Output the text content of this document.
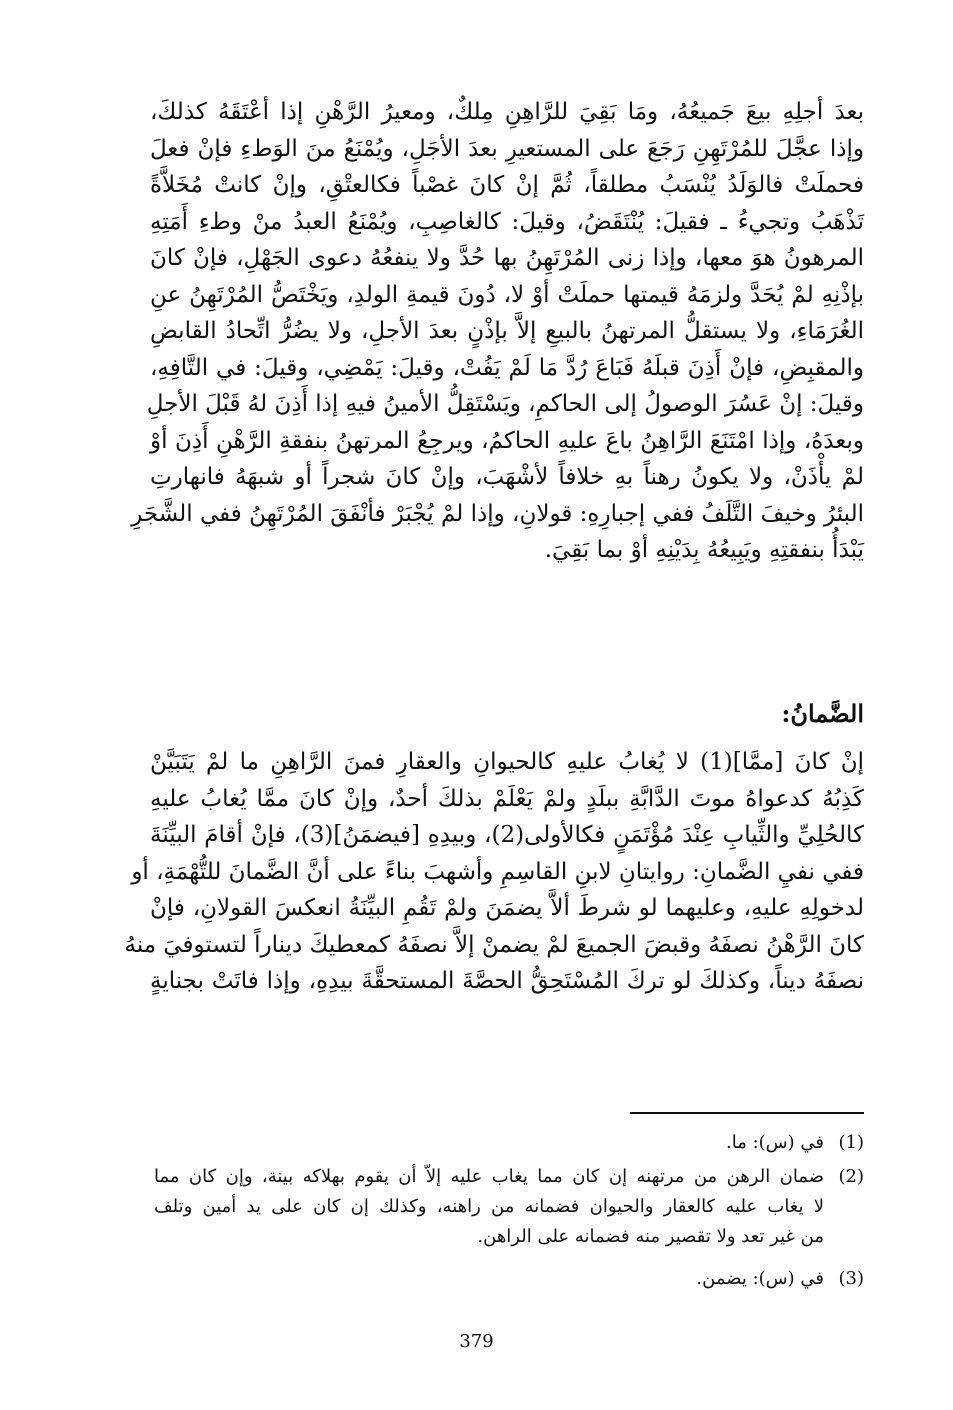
بعدَ أجلِهِ بيعَ جَميعُهُ، ومَا بَقِيَ للرَّاهِنِ مِلكٌ، ومعيرُ الرَّهْنِ إذا أعْتَقَهُ كذلكَ،
وإذا عجَّلَ للمُرْتَهِنِ رَجَعَ على المستعيرِ بعدَ الأجَلِ، ويُمْنَعُ منَ الوَطءِ فإنْ فعلَ
فحملَتْ فالوَلَدُ يُنْسَبُ مطلقاً، ثُمَّ إنْ كانَ غصْباً فكالعتْقِ، وإنْ كانتْ مُخَلاَّةً
تَذْهَبُ وتجيءُ ـ فقيلَ: يُنْتَقَضُ، وقيلَ: كالغاصِبِ، ويُمْنَعُ العبدُ منْ وطءِ أَمَتِهِ
المرهونُ هوَ معها، وإذا زنى المُرْتَهِنُ بها حُدَّ ولا ينفعُهُ دعوى الجَهْلِ، فإنْ كانَ
بإذْنِهِ لمْ يُحَدَّ ولزمَهُ قيمتها حملَتْ أوْ لا، دُونَ قيمةِ الولدِ، ويَخْتَصُّ المُرْتَهِنُ عنِ
الغُرَمَاءِ، ولا يستقلُّ المرتهنُ بالبيعِ إلاَّ بإذْنٍ بعدَ الأجلِ، ولا يضُرُّ اتِّحادُ القابضِ
والمقبِضِ، فإنْ أَذِنَ قبلَهُ فَبَاعَ رُدَّ مَا لَمْ يَفُتْ، وقيلَ: يَمْضِي، وقيلَ: في التَّافِهِ،
وقيلَ: إنْ عَسُرَ الوصولُ إلى الحاكمِ، ويَسْتَقِلُّ الأمينُ فيهِ إذا أَذِنَ لهُ قَبْلَ الأجلِ
وبعدَهُ، وإذا امْتَنَعَ الرَّاهِنُ باعَ عليهِ الحاكمُ، ويرجِعُ المرتهنُ بنفقةِ الرَّهْنِ أَذِنَ أوْ
لمْ يأْذَنْ، ولا يكونُ رهناً بهِ خلافاً لأشْهَبَ، وإنْ كانَ شجراً أو شبهَهُ فانهارتِ
البئرُ وخيفَ التَّلَفُ ففي إجبارِهِ: قولانِ، وإذا لمْ يُجْبَرْ فأنْفَقَ المُرْتَهِنُ ففي الشَّجَرِ
يَبْدَأُ بنفقتِهِ ويَبِيعُهُ بِدَيْنِهِ أوْ بما بَقِيَ.
الضَّمانُ:
إنْ كانَ [ممَّا](1) لا يُغابُ عليهِ كالحيوانِ والعقارِ فمنَ الرَّاهِنِ ما لمْ يَتَبَيَّنْ
كَذِبُهُ كدعواهُ موتَ الدَّابَّةِ ببلَدٍ ولمْ يَعْلَمْ بذلكَ أحدٌ، وإنْ كانَ ممَّا يُغابُ عليهِ
كالحُلِيِّ والثِّيابِ عِنْدَ مُؤْتَمَنٍ فكالأولى(2)، وبيدِهِ [فيضمَنُ](3)، فإنْ أقامَ البيِّنَةَ
ففي نفيِ الضَّمانِ: روايتانِ لابنِ القاسِمِ وأشهبَ بناءً على أنَّ الضَّمانَ للتُّهْمَةِ، أو
لدخولِهِ عليهِ، وعليهما لو شرطَ ألاَّ يضمَنَ ولمْ تَقُمِ البيِّنَةُ انعكسَ القولانِ، فإنْ
كانَ الرَّهْنُ نصفَهُ وقبضَ الجميعَ لمْ يضمنْ إلاَّ نصفَهُ كمعطيكَ ديناراً لتستوفيَ منهُ
نصفَهُ ديناً، وكذلكَ لو تركَ المُسْتَحِقُّ الحصَّةَ المستحقَّةَ بيدِهِ، وإذا فاتَتْ بجنايةٍ
(1)
في (س): ما.
(2)
ضمان الرهن من مرتهنه إن كان مما يغاب عليه إلاّ أن يقوم بهلاكه بينة، وإن كان مما
لا يغاب عليه كالعقار والحيوان فضمانه من راهنه، وكذلك إن كان على يد أمين وتلف
من غير تعد ولا تقصير منه فضمانه على الراهن.
(3)
في (س): يضمن.
379
